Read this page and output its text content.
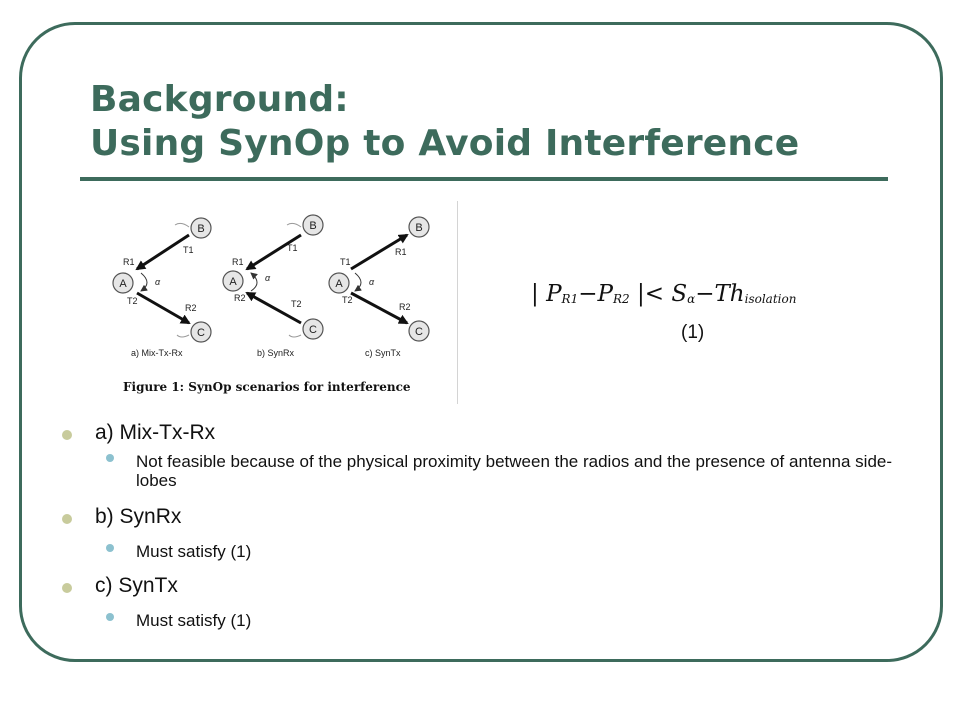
Background:
Using SynOp to Avoid Interference
B
A
C
T1
R1
T2
R2
α
a) Mix-Tx-Rx
B
A
C
T1
R1
R2
T2
α
b) SynRx
B
A
C
R1
T1
T2
R2
α
c) SynTx
Figure 1: SynOp scenarios for interference
| PR1−PR2 |< Sα−Thisolation
(1)
a) Mix-Tx-Rx
Not feasible because of the physical proximity between the radios and the presence of antenna side-lobes
b) SynRx
Must satisfy (1)
c) SynTx
Must satisfy (1)
